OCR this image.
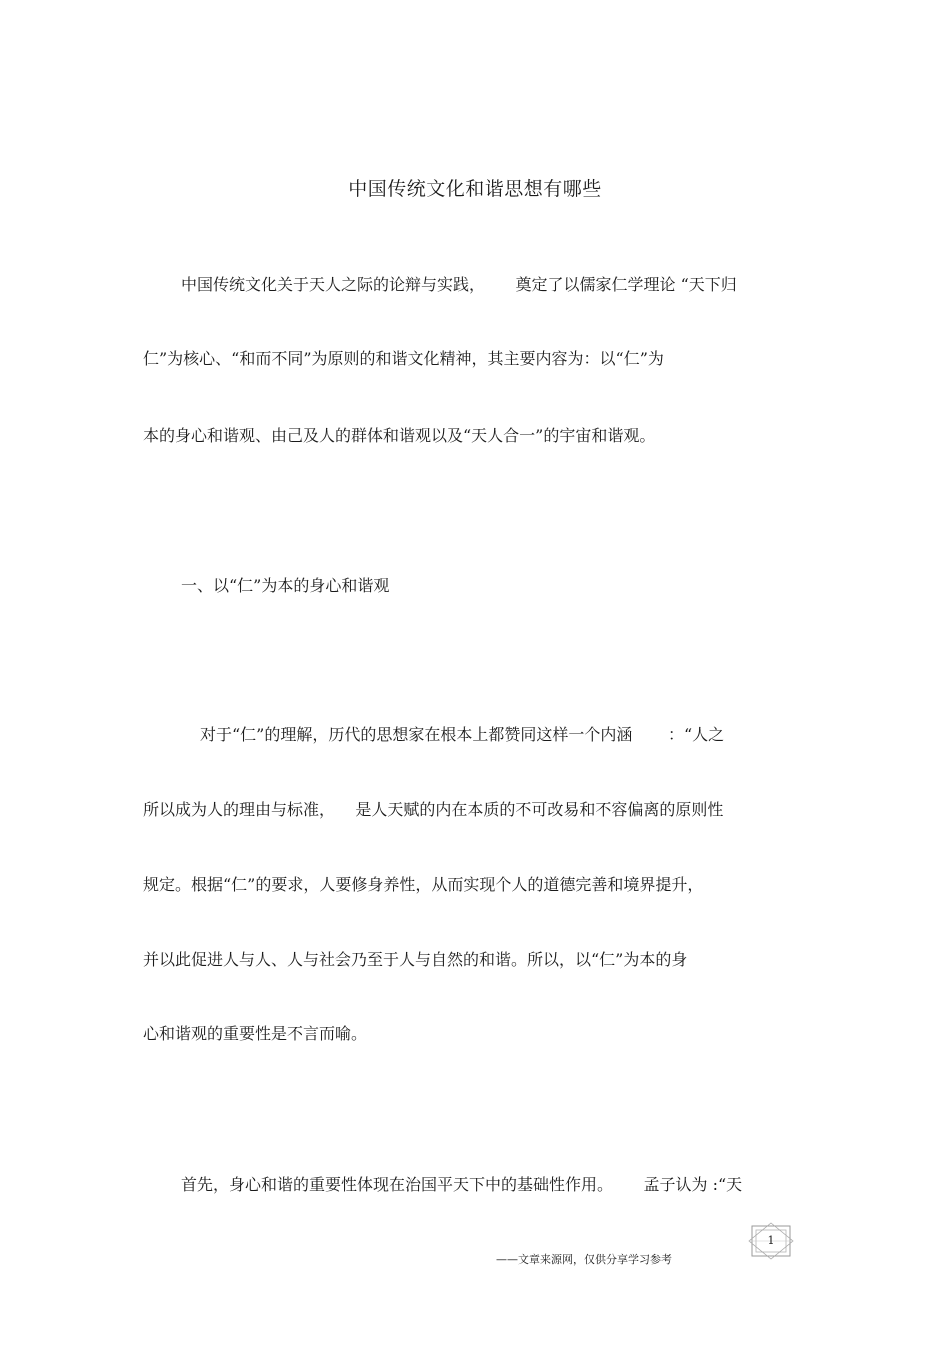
中国传统文化和谐思想有哪些
中国传统文化关于天人之际的论辩与实践，      奠定了以儒家仁学理论 “天下归
仁”为核心、“和而不同”为原则的和谐文化精神，其主要内容为：以“仁”为
本的身心和谐观、由己及人的群体和谐观以及“天人合一”的宇宙和谐观。
一、以“仁”为本的身心和谐观
对于“仁”的理解，历代的思想家在根本上都赞同这样一个内涵       ：“人之
所以成为人的理由与标准，    是人天赋的内在本质的不可改易和不容偏离的原则性
规定。根据“仁”的要求，人要修身养性，从而实现个人的道德完善和境界提升，
并以此促进人与人、人与社会乃至于人与自然的和谐。所以，以“仁”为本的身
心和谐观的重要性是不言而喻。
首先，身心和谐的重要性体现在治国平天下中的基础性作用。      孟子认为 :“天
——文章来源网，仅供分享学习参考
1
